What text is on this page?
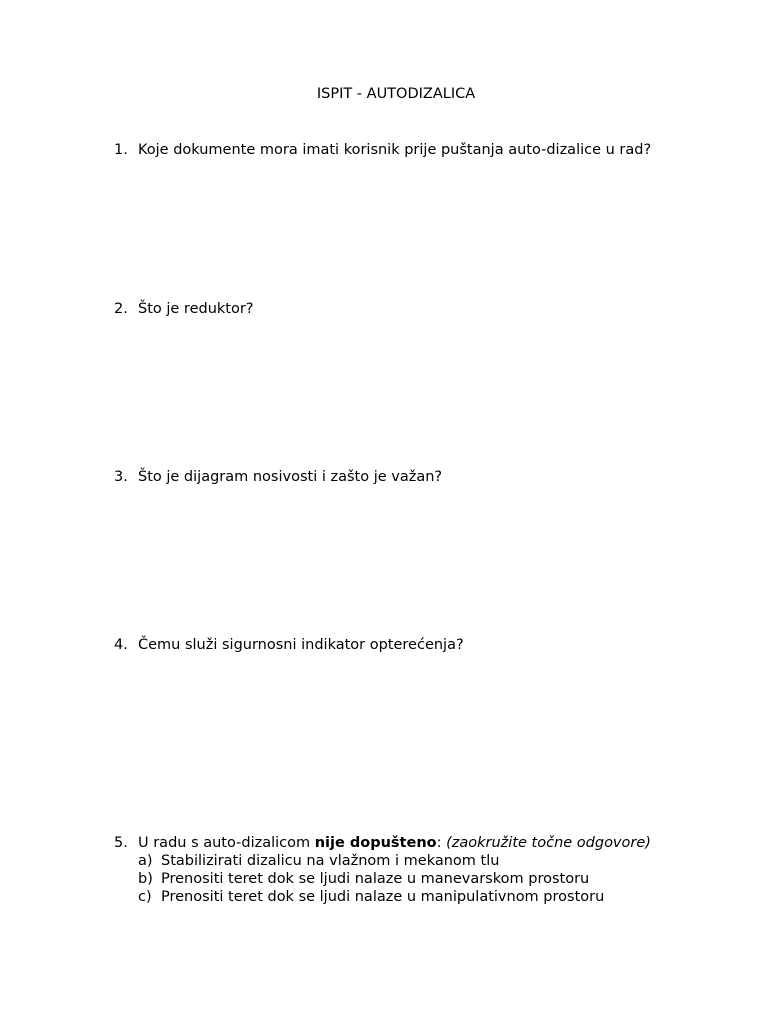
ISPIT - AUTODIZALICA
1. Koje dokumente mora imati korisnik prije puštanja auto-dizalice u rad?
2. Što je reduktor?
3. Što je dijagram nosivosti i zašto je važan?
4. Čemu služi sigurnosni indikator opterećenja?
5. U radu s auto-dizalicom nije dopušteno: (zaokružite točne odgovore)
a) Stabilizirati dizalicu na vlažnom i mekanom tlu
b) Prenositi teret dok se ljudi nalaze u manevarskom prostoru
c) Prenositi teret dok se ljudi nalaze u manipulativnom prostoru
